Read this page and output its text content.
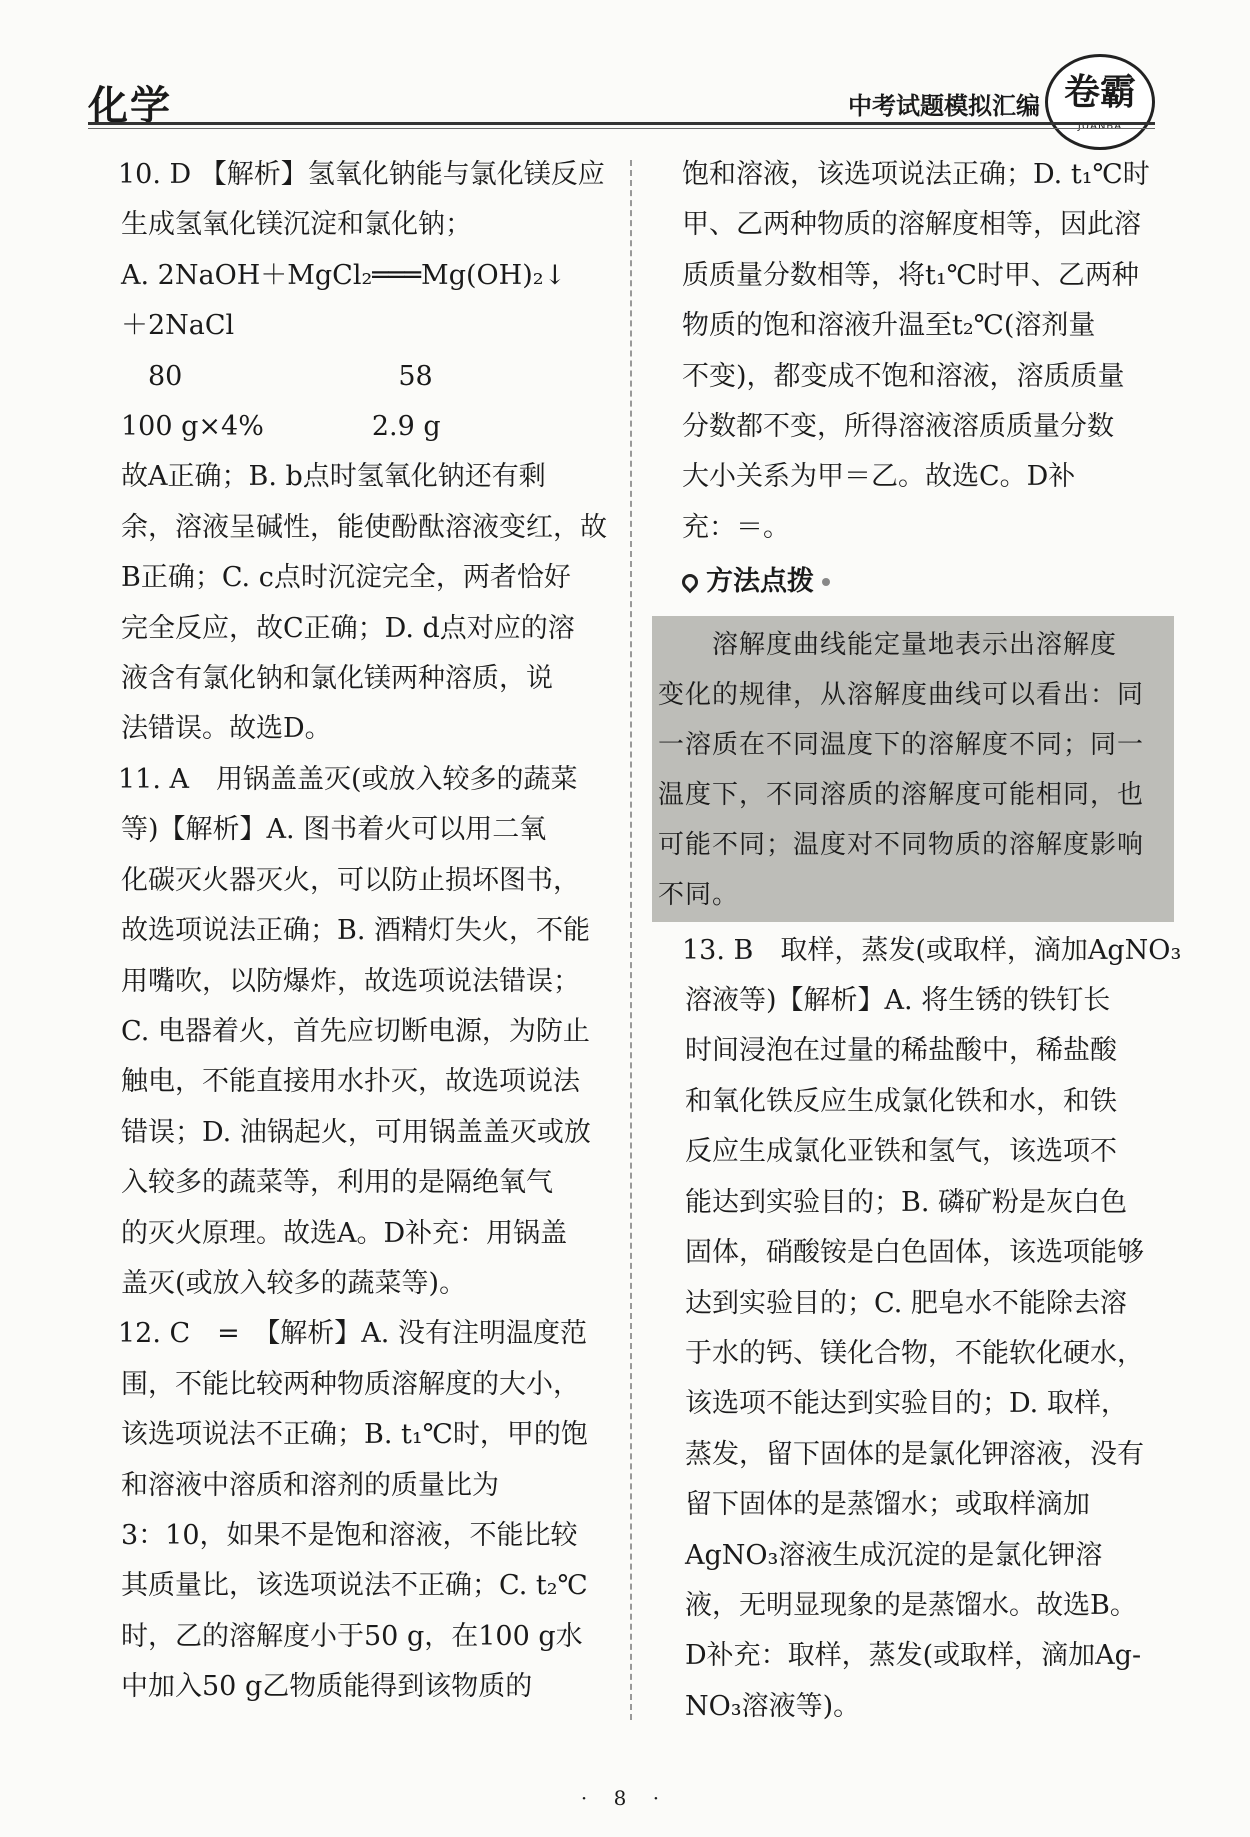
化学	中考试题模拟汇编 卷霸
JUANBA
10. D 【解析】氢氧化钠能与氯化镁反应
生成氢氧化镁沉淀和氯化钠；
A. 2NaOH＋MgCl₂═══Mg(OH)₂↓
＋2NaCl
　80　　　　　　　　58
100 g×4%　　　　2.9 g
故A正确；B. b点时氢氧化钠还有剩
余，溶液呈碱性，能使酚酞溶液变红，故
B正确；C. c点时沉淀完全，两者恰好
完全反应，故C正确；D. d点对应的溶
液含有氯化钠和氯化镁两种溶质，说
法错误。故选D。
11. A　用锅盖盖灭(或放入较多的蔬菜
等)【解析】A. 图书着火可以用二氧
化碳灭火器灭火，可以防止损坏图书，
故选项说法正确；B. 酒精灯失火，不能
用嘴吹，以防爆炸，故选项说法错误；
C. 电器着火，首先应切断电源，为防止
触电，不能直接用水扑灭，故选项说法
错误；D. 油锅起火，可用锅盖盖灭或放
入较多的蔬菜等，利用的是隔绝氧气
的灭火原理。故选A。D补充：用锅盖
盖灭(或放入较多的蔬菜等)。
12. C　=　【解析】A. 没有注明温度范
围，不能比较两种物质溶解度的大小，
该选项说法不正确；B. t₁℃时，甲的饱
和溶液中溶质和溶剂的质量比为
3：10，如果不是饱和溶液，不能比较
其质量比，该选项说法不正确；C. t₂℃
时，乙的溶解度小于50 g，在100 g水
中加入50 g乙物质能得到该物质的
饱和溶液，该选项说法正确；D. t₁℃时
甲、乙两种物质的溶解度相等，因此溶
质质量分数相等，将t₁℃时甲、乙两种
物质的饱和溶液升温至t₂℃(溶剂量
不变)，都变成不饱和溶液，溶质质量
分数都不变，所得溶液溶质质量分数
大小关系为甲＝乙。故选C。D补
充：＝。
方法点拨
　　溶解度曲线能定量地表示出溶解度
变化的规律，从溶解度曲线可以看出：同
一溶质在不同温度下的溶解度不同；同一
温度下，不同溶质的溶解度可能相同，也
可能不同；温度对不同物质的溶解度影响
不同。
13. B　取样，蒸发(或取样，滴加AgNO₃
溶液等)【解析】A. 将生锈的铁钉长
时间浸泡在过量的稀盐酸中，稀盐酸
和氧化铁反应生成氯化铁和水，和铁
反应生成氯化亚铁和氢气，该选项不
能达到实验目的；B. 磷矿粉是灰白色
固体，硝酸铵是白色固体，该选项能够
达到实验目的；C. 肥皂水不能除去溶
于水的钙、镁化合物，不能软化硬水，
该选项不能达到实验目的；D. 取样，
蒸发，留下固体的是氯化钾溶液，没有
留下固体的是蒸馏水；或取样滴加
AgNO₃溶液生成沉淀的是氯化钾溶
液，无明显现象的是蒸馏水。故选B。
D补充：取样，蒸发(或取样，滴加Ag-
NO₃溶液等)。
· 8 ·
